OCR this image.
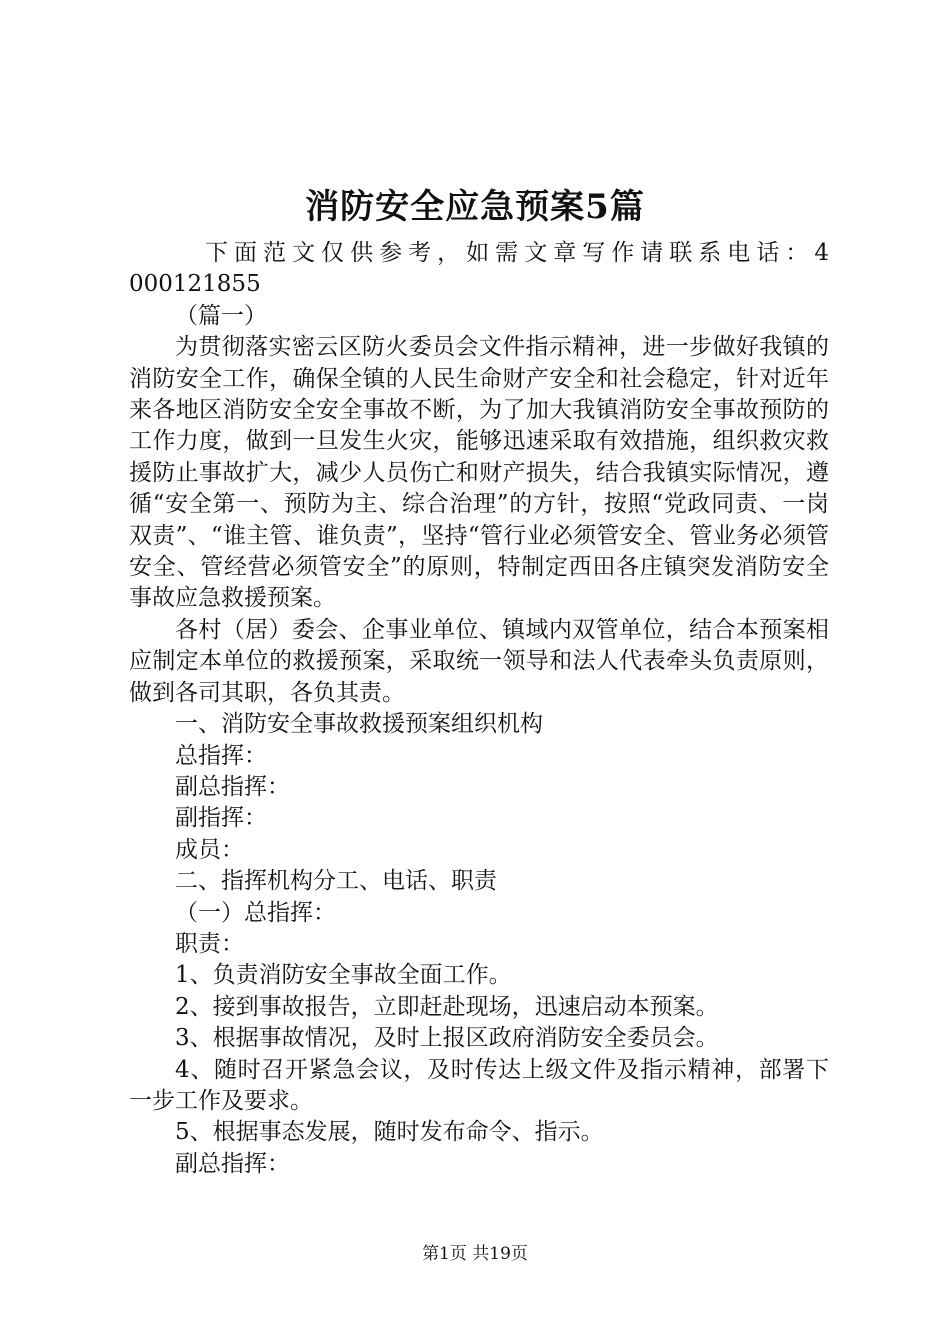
消防安全应急预案5篇

下面范文仅供参考，如需文章写作请联系电话：4000121855

（篇一）

为贯彻落实密云区防火委员会文件指示精神，进一步做好我镇的消防安全工作，确保全镇的人民生命财产安全和社会稳定，针对近年来各地区消防安全安全事故不断，为了加大我镇消防安全事故预防的工作力度，做到一旦发生火灾，能够迅速采取有效措施，组织救灾救援防止事故扩大，减少人员伤亡和财产损失，结合我镇实际情况，遵循“安全第一、预防为主、综合治理”的方针，按照“党政同责、一岗双责”、“谁主管、谁负责”，坚持“管行业必须管安全、管业务必须管安全、管经营必须管安全”的原则，特制定西田各庄镇突发消防安全事故应急救援预案。

各村（居）委会、企事业单位、镇域内双管单位，结合本预案相应制定本单位的救援预案，采取统一领导和法人代表牵头负责原则，做到各司其职，各负其责。

一、消防安全事故救援预案组织机构

总指挥：

副总指挥：

副指挥：

成员：

二、指挥机构分工、电话、职责

（一）总指挥：

职责：

1、负责消防安全事故全面工作。

2、接到事故报告，立即赶赴现场，迅速启动本预案。

3、根据事故情况，及时上报区政府消防安全委员会。

4、随时召开紧急会议，及时传达上级文件及指示精神，部署下一步工作及要求。

5、根据事态发展，随时发布命令、指示。

副总指挥：

第1页 共19页
